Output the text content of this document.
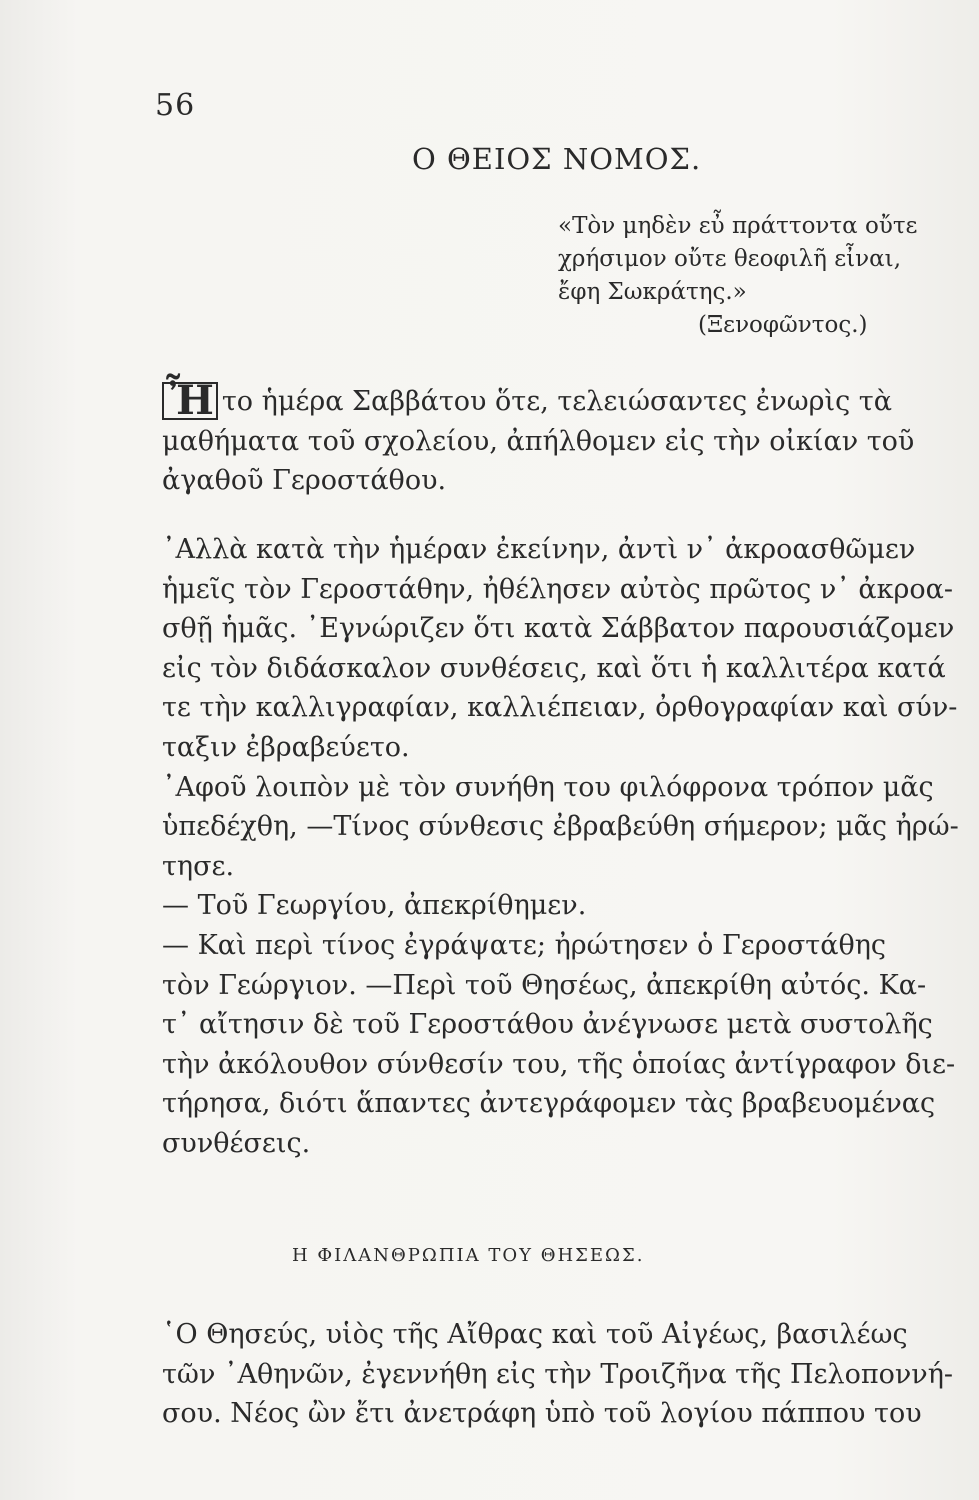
56
Ο ΘΕΙΟΣ ΝΟΜΟΣ.
«Τὸν μηδὲν εὖ πράττοντα οὔτε
χρήσιμον οὔτε θεοφιλῆ εἶναι,
ἔφη Σωκράτης.»
(Ξενοφῶντος.)
Ἦ το ἡμέρα Σαββάτου ὅτε, τελειώσαντες ἐνωρὶς τὰ
μαθήματα τοῦ σχολείου, ἀπήλθομεν εἰς τὴν οἰκίαν τοῦ
ἀγαθοῦ Γεροστάθου.
᾽Αλλὰ κατὰ τὴν ἡμέραν ἐκείνην, ἀντὶ ν᾽ ἀκροασθῶμεν
ἡμεῖς τὸν Γεροστάθην, ἠθέλησεν αὐτὸς πρῶτος ν᾽ ἀκροα-
σθῇ ἡμᾶς. ᾽Εγνώριζεν ὅτι κατὰ Σάββατον παρουσιάζομεν
εἰς τὸν διδάσκαλον συνθέσεις, καὶ ὅτι ἡ καλλιτέρα κατά
τε τὴν καλλιγραφίαν, καλλιέπειαν, ὀρθογραφίαν καὶ σύν-
ταξιν ἐβραβεύετο.
᾽Αφοῦ λοιπὸν μὲ τὸν συνήθη του φιλόφρονα τρόπον μᾶς
ὑπεδέχθη, —Τίνος σύνθεσις ἐβραβεύθη σήμερον; μᾶς ἠρώ-
τησε.
— Τοῦ Γεωργίου, ἀπεκρίθημεν.
— Καὶ περὶ τίνος ἐγράψατε; ἠρώτησεν ὁ Γεροστάθης
τὸν Γεώργιον. —Περὶ τοῦ Θησέως, ἀπεκρίθη αὐτός. Κα-
τ᾽ αἴτησιν δὲ τοῦ Γεροστάθου ἀνέγνωσε μετὰ συστολῆς
τὴν ἀκόλουθον σύνθεσίν του, τῆς ὁποίας ἀντίγραφον διε-
τήρησα, διότι ἅπαντες ἀντεγράφομεν τὰς βραβευομένας
συνθέσεις.
Η ΦΙΛΑΝΘΡΩΠΙΑ ΤΟΥ ΘΗΣΕΩΣ.
῾Ο Θησεύς, υἱὸς τῆς Αἴθρας καὶ τοῦ Αἰγέως, βασιλέως
τῶν ᾽Αθηνῶν, ἐγεννήθη εἰς τὴν Τροιζῆνα τῆς Πελοποννή-
σου. Νέος ὢν ἔτι ἀνετράφη ὑπὸ τοῦ λογίου πάππου του
